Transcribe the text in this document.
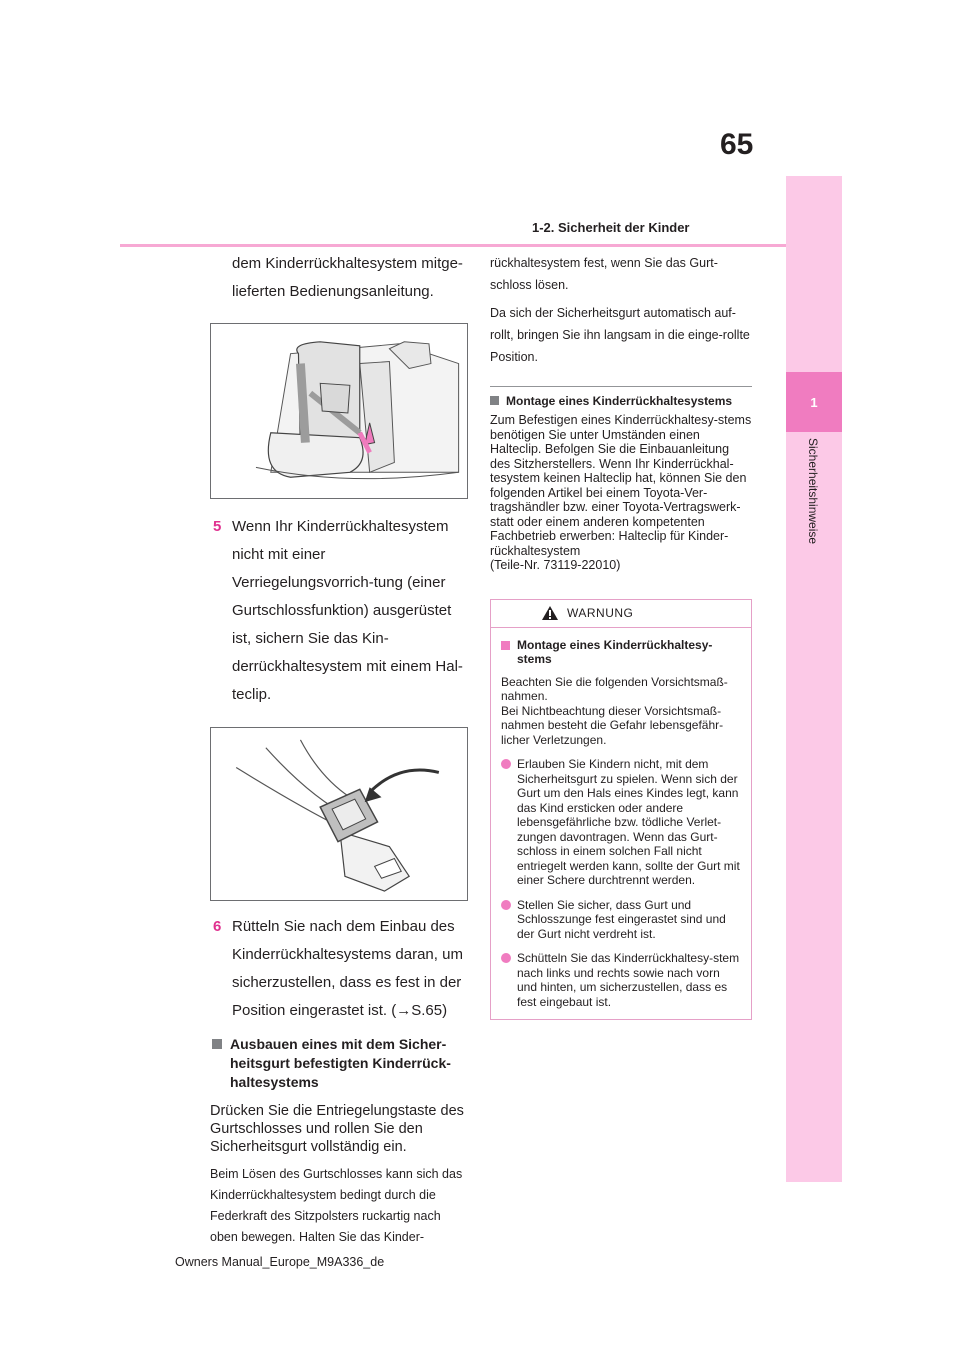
65
1-2. Sicherheit der Kinder
1
Sicherheitshinweise
dem Kinderrückhaltesystem mitge-
lieferten Bedienungsanleitung.
5 Wenn Ihr Kinderrückhaltesystem nicht mit einer Verriegelungsvorrich-tung (einer Gurtschlossfunktion) ausgerüstet ist, sichern Sie das Kin-derrückhaltesystem mit einem Hal-teclip.
6 Rütteln Sie nach dem Einbau des Kinderrückhaltesystems daran, um sicherzustellen, dass es fest in der Position eingerastet ist. (→S.65)
Ausbauen eines mit dem Sicher-heitsgurt befestigten Kinderrück-haltesystems
Drücken Sie die Entriegelungstaste des Gurtschlosses und rollen Sie den Sicherheitsgurt vollständig ein.
Beim Lösen des Gurtschlosses kann sich das Kinderrückhaltesystem bedingt durch die Federkraft des Sitzpolsters ruckartig nach oben bewegen. Halten Sie das Kinder-
rückhaltesystem fest, wenn Sie das Gurt-schloss lösen.
Da sich der Sicherheitsgurt automatisch auf-rollt, bringen Sie ihn langsam in die einge-rollte Position.
Montage eines Kinderrückhaltesystems
Zum Befestigen eines Kinderrückhaltesy-stems benötigen Sie unter Umständen einen Halteclip. Befolgen Sie die Einbauanleitung des Sitzherstellers. Wenn Ihr Kinderrückhal-tesystem keinen Halteclip hat, können Sie den folgenden Artikel bei einem Toyota-Ver-tragshändler bzw. einer Toyota-Vertragswerk-statt oder einem anderen kompetenten Fachbetrieb erwerben: Halteclip für Kinder-rückhaltesystem
(Teile-Nr. 73119-22010)
WARNUNG
Montage eines Kinderrückhaltesy-stems
Beachten Sie die folgenden Vorsichtsmaß-nahmen.
Bei Nichtbeachtung dieser Vorsichtsmaß-nahmen besteht die Gefahr lebensgefähr-licher Verletzungen.
Erlauben Sie Kindern nicht, mit dem Sicherheitsgurt zu spielen. Wenn sich der Gurt um den Hals eines Kindes legt, kann das Kind ersticken oder andere lebensgefährliche bzw. tödliche Verlet-zungen davontragen. Wenn das Gurt-schloss in einem solchen Fall nicht entriegelt werden kann, sollte der Gurt mit einer Schere durchtrennt werden.
Stellen Sie sicher, dass Gurt und Schlosszunge fest eingerastet sind und der Gurt nicht verdreht ist.
Schütteln Sie das Kinderrückhaltesy-stem nach links und rechts sowie nach vorn und hinten, um sicherzustellen, dass es fest eingebaut ist.
Owners Manual_Europe_M9A336_de
